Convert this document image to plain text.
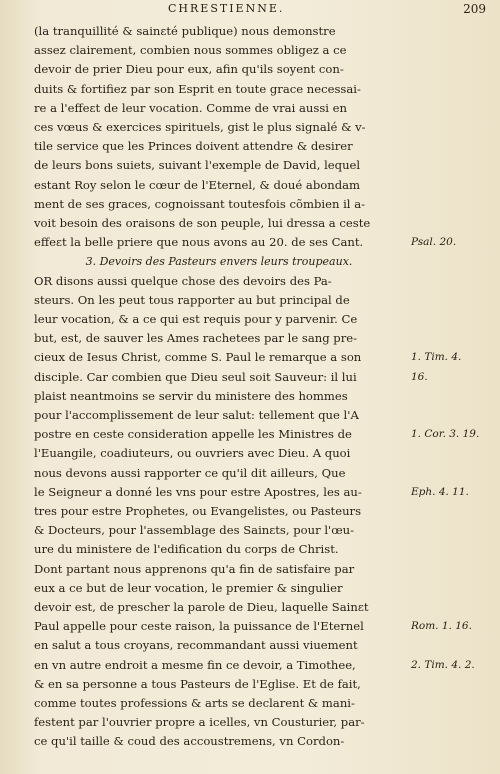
CHRESTIENNE.	209
(la tranquillité & sainɛté publique) nous demonstre
assez clairement, combien nous sommes obligez a ce
devoir de prier Dieu pour eux, afin qu'ils soyent con-
duits & fortifiez par son Esprit en toute grace necessai-
re a l'effeɛt de leur vocation. Comme de vrai aussi en
ces vœus & exercices spirituels, gist le plus signalé & v-
tile service que les Princes doivent attendre & desirer
de leurs bons suiets, suivant l'exemple de David, lequel
estant Roy selon le cœur de l'Eternel, & doué abondam
ment de ses graces, cognoissant toutesfois cõmbien il a-
voit besoin des oraisons de son peuple, lui dressa a ceste
effeɛt la belle priere que nous avons au 20. de ses Cant.
3. Devoirs des Pasteurs envers leurs troupeaux.
OR disons aussi quelque chose des devoirs des Pa-
steurs. On les peut tous rapporter au but principal de
leur vocation, & a ce qui est requis pour y parvenir. Ce
but, est, de sauver les Ames rachetees par le sang pre-
cieux de Iesus Christ, comme S. Paul le remarque a son
disciple. Car combien que Dieu seul soit Sauveur: il lui
plaist neantmoins se servir du ministere des hommes
pour l'accomplissement de leur salut: tellement que l'A
postre en ceste consideration appelle les Ministres de
l'Euangile, coadiuteurs, ou ouvriers avec Dieu. A quoi
nous devons aussi rapporter ce qu'il dit ailleurs, Que
le Seigneur a donné les vns pour estre Apostres, les au-
tres pour estre Prophetes, ou Evangelistes, ou Pasteurs
& Docteurs, pour l'assemblage des Sainɛts, pour l'œu-
ure du ministere de l'edification du corps de Christ.
Dont partant nous apprenons qu'a fin de satisfaire par
eux a ce but de leur vocation, le premier & singulier
devoir est, de prescher la parole de Dieu, laquelle Sainɛt
Paul appelle pour ceste raison, la puissance de l'Eternel
en salut a tous croyans, recommandant aussi viuement
en vn autre endroit a mesme fin ce devoir, a Timothee,
& en sa personne a tous Pasteurs de l'Eglise. Et de fait,
comme toutes professions & arts se declarent & mani-
festent par l'ouvrier propre a icelles, vn Cousturier, par-
ce qu'il taille & coud des accoustremens, vn Cordon-
Psal. 20.
1. Tim. 4.
16.
1. Cor. 3. 19.
Eph. 4. 11.
Rom. 1. 16.
2. Tim. 4. 2.
